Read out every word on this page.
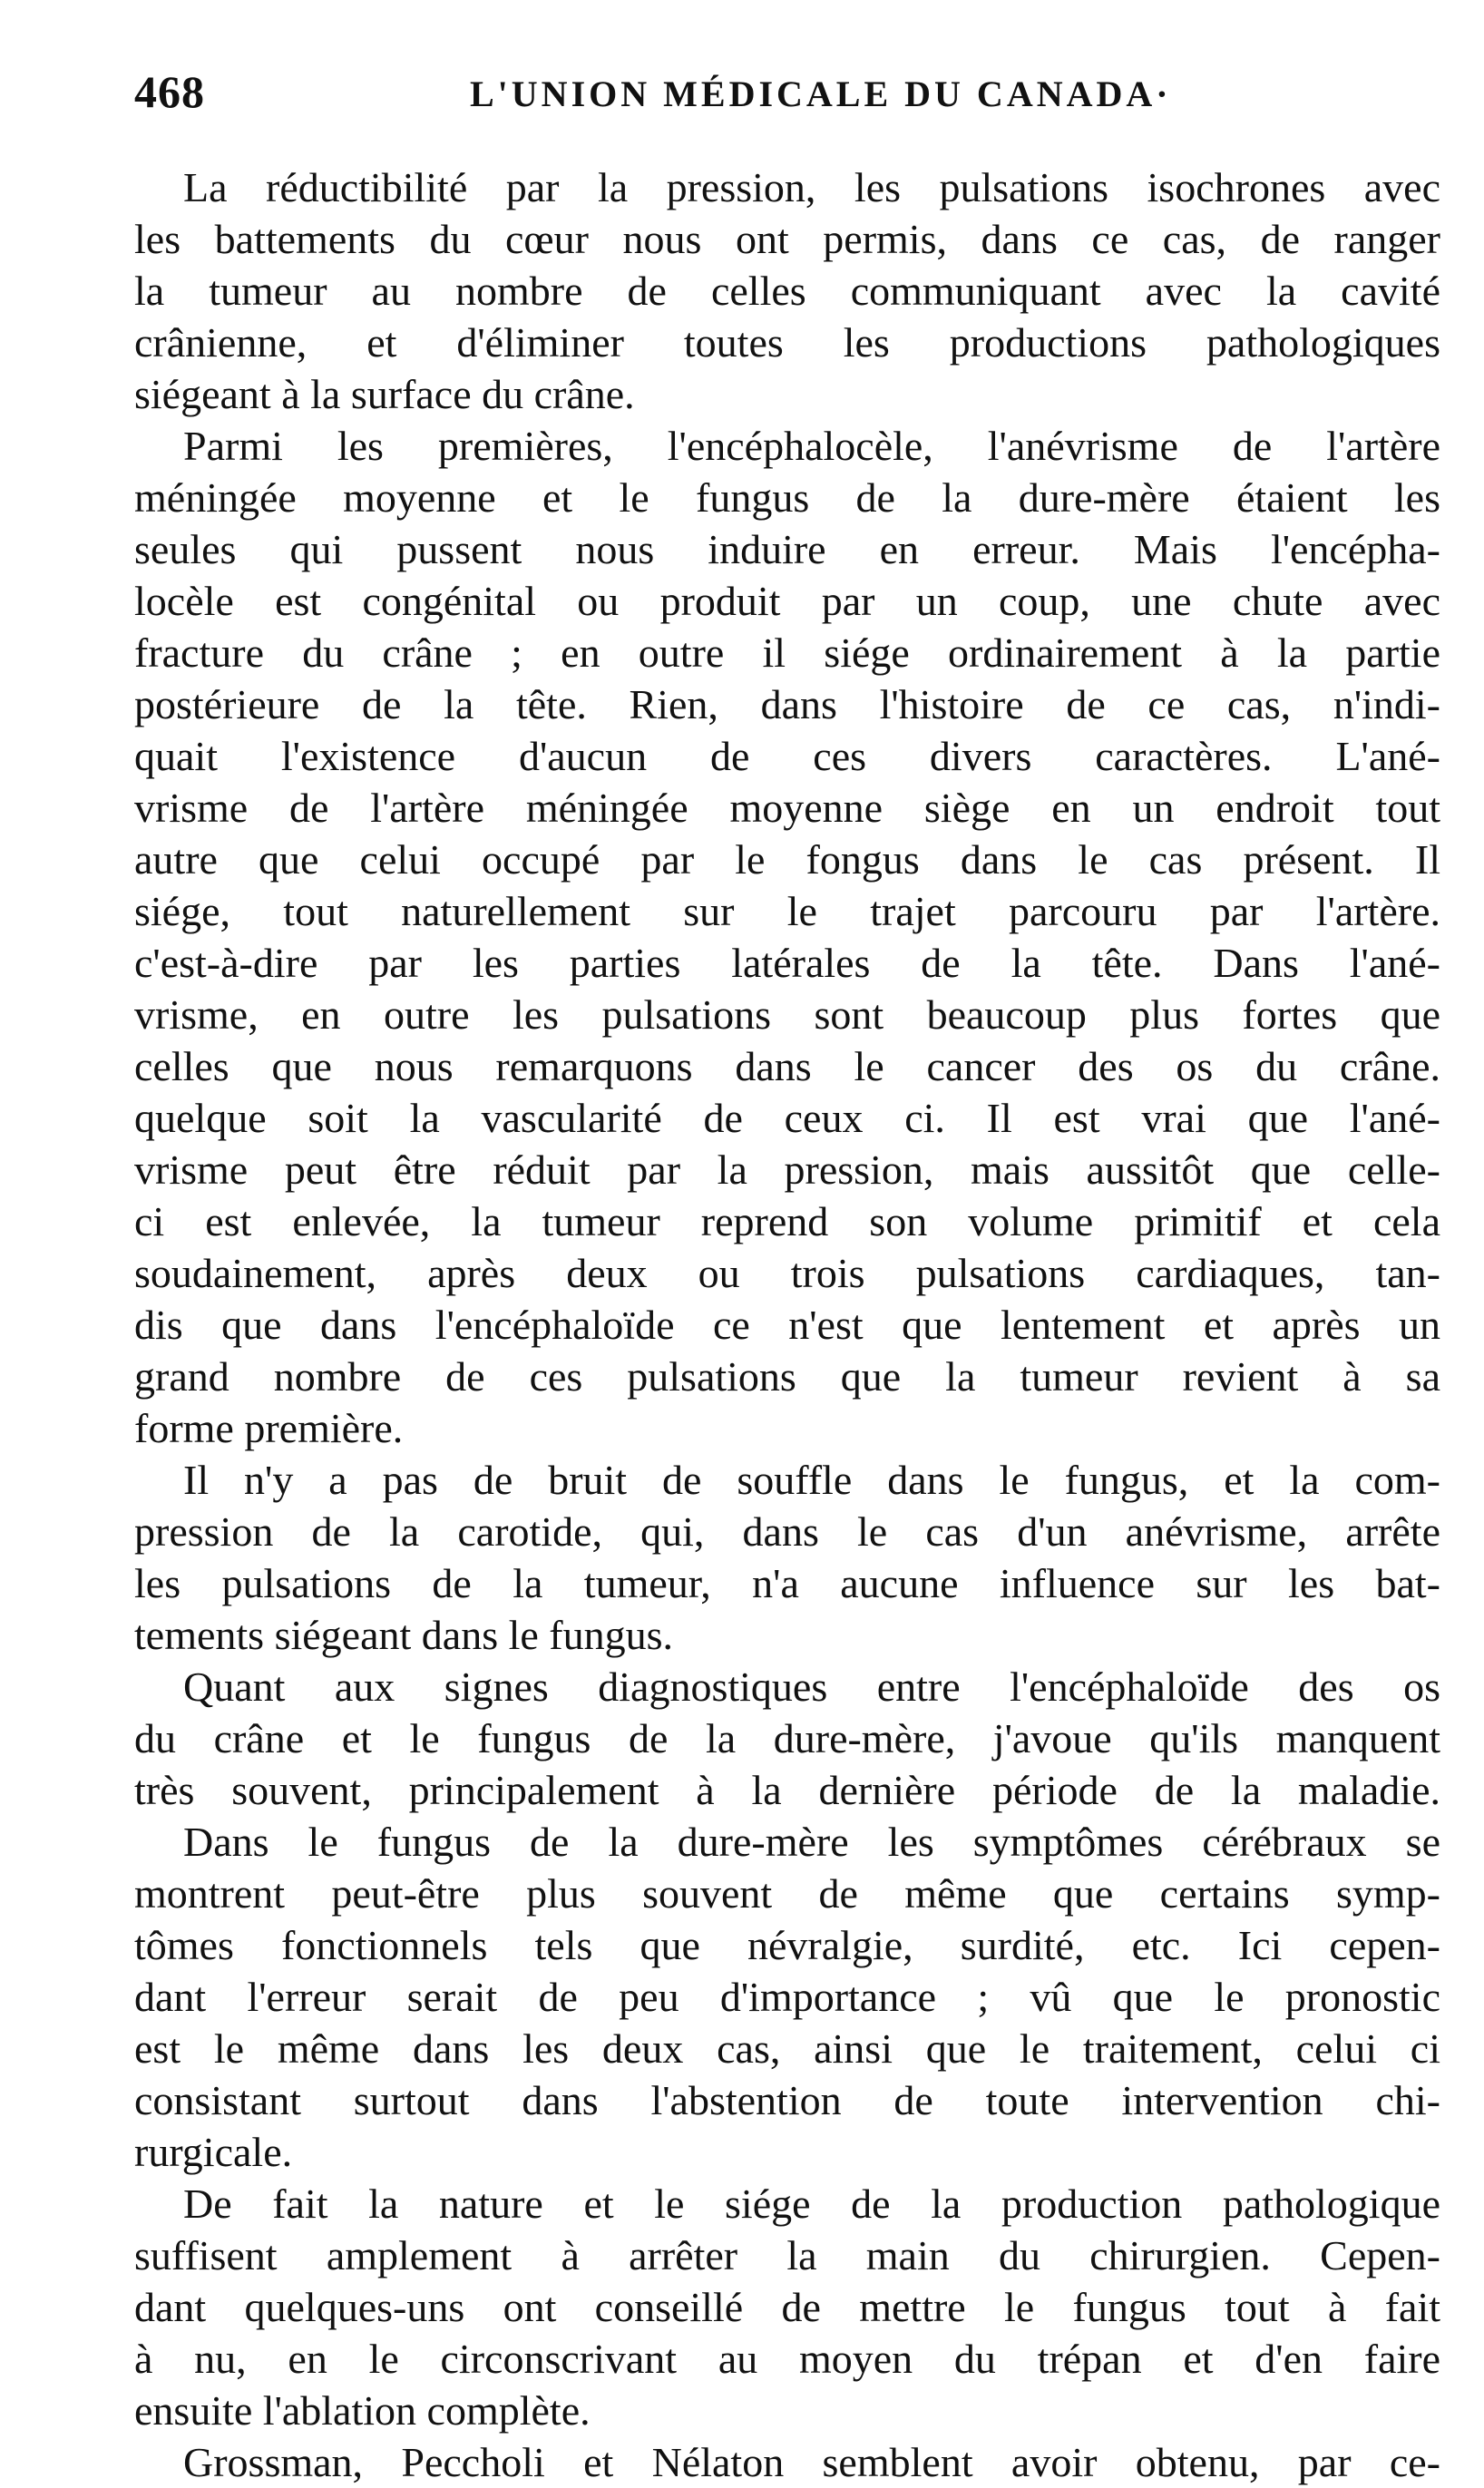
468	L'UNION MÉDICALE DU CANADA·
La réductibilité par la pression, les pulsations isochrones avec
les battements du cœur nous ont permis, dans ce cas, de ranger
la tumeur au nombre de celles communiquant avec la cavité
crânienne, et d'éliminer toutes les productions pathologiques
siégeant à la surface du crâne.
Parmi les premières, l'encéphalocèle, l'anévrisme de l'artère
méningée moyenne et le fungus de la dure-mère étaient les
seules qui pussent nous induire en erreur. Mais l'encépha-
locèle est congénital ou produit par un coup, une chute avec
fracture du crâne ; en outre il siége ordinairement à la partie
postérieure de la tête. Rien, dans l'histoire de ce cas, n'indi-
quait l'existence d'aucun de ces divers caractères. L'ané-
vrisme de l'artère méningée moyenne siège en un endroit tout
autre que celui occupé par le fongus dans le cas présent. Il
siége, tout naturellement sur le trajet parcouru par l'artère.
c'est-à-dire par les parties latérales de la tête. Dans l'ané-
vrisme, en outre les pulsations sont beaucoup plus fortes que
celles que nous remarquons dans le cancer des os du crâne.
quelque soit la vascularité de ceux ci. Il est vrai que l'ané-
vrisme peut être réduit par la pression, mais aussitôt que celle-
ci est enlevée, la tumeur reprend son volume primitif et cela
soudainement, après deux ou trois pulsations cardiaques, tan-
dis que dans l'encéphaloïde ce n'est que lentement et après un
grand nombre de ces pulsations que la tumeur revient à sa
forme première.
Il n'y a pas de bruit de souffle dans le fungus, et la com-
pression de la carotide, qui, dans le cas d'un anévrisme, arrête
les pulsations de la tumeur, n'a aucune influence sur les bat-
tements siégeant dans le fungus.
Quant aux signes diagnostiques entre l'encéphaloïde des os
du crâne et le fungus de la dure-mère, j'avoue qu'ils manquent
très souvent, principalement à la dernière période de la maladie.
Dans le fungus de la dure-mère les symptômes cérébraux se
montrent peut-être plus souvent de même que certains symp-
tômes fonctionnels tels que névralgie, surdité, etc. Ici cepen-
dant l'erreur serait de peu d'importance ; vû que le pronostic
est le même dans les deux cas, ainsi que le traitement, celui ci
consistant surtout dans l'abstention de toute intervention chi-
rurgicale.
De fait la nature et le siége de la production pathologique
suffisent amplement à arrêter la main du chirurgien. Cepen-
dant quelques-uns ont conseillé de mettre le fungus tout à fait
à nu, en le circonscrivant au moyen du trépan et d'en faire
ensuite l'ablation complète.
Grossman, Peccholi et Nélaton semblent avoir obtenu, par ce-
